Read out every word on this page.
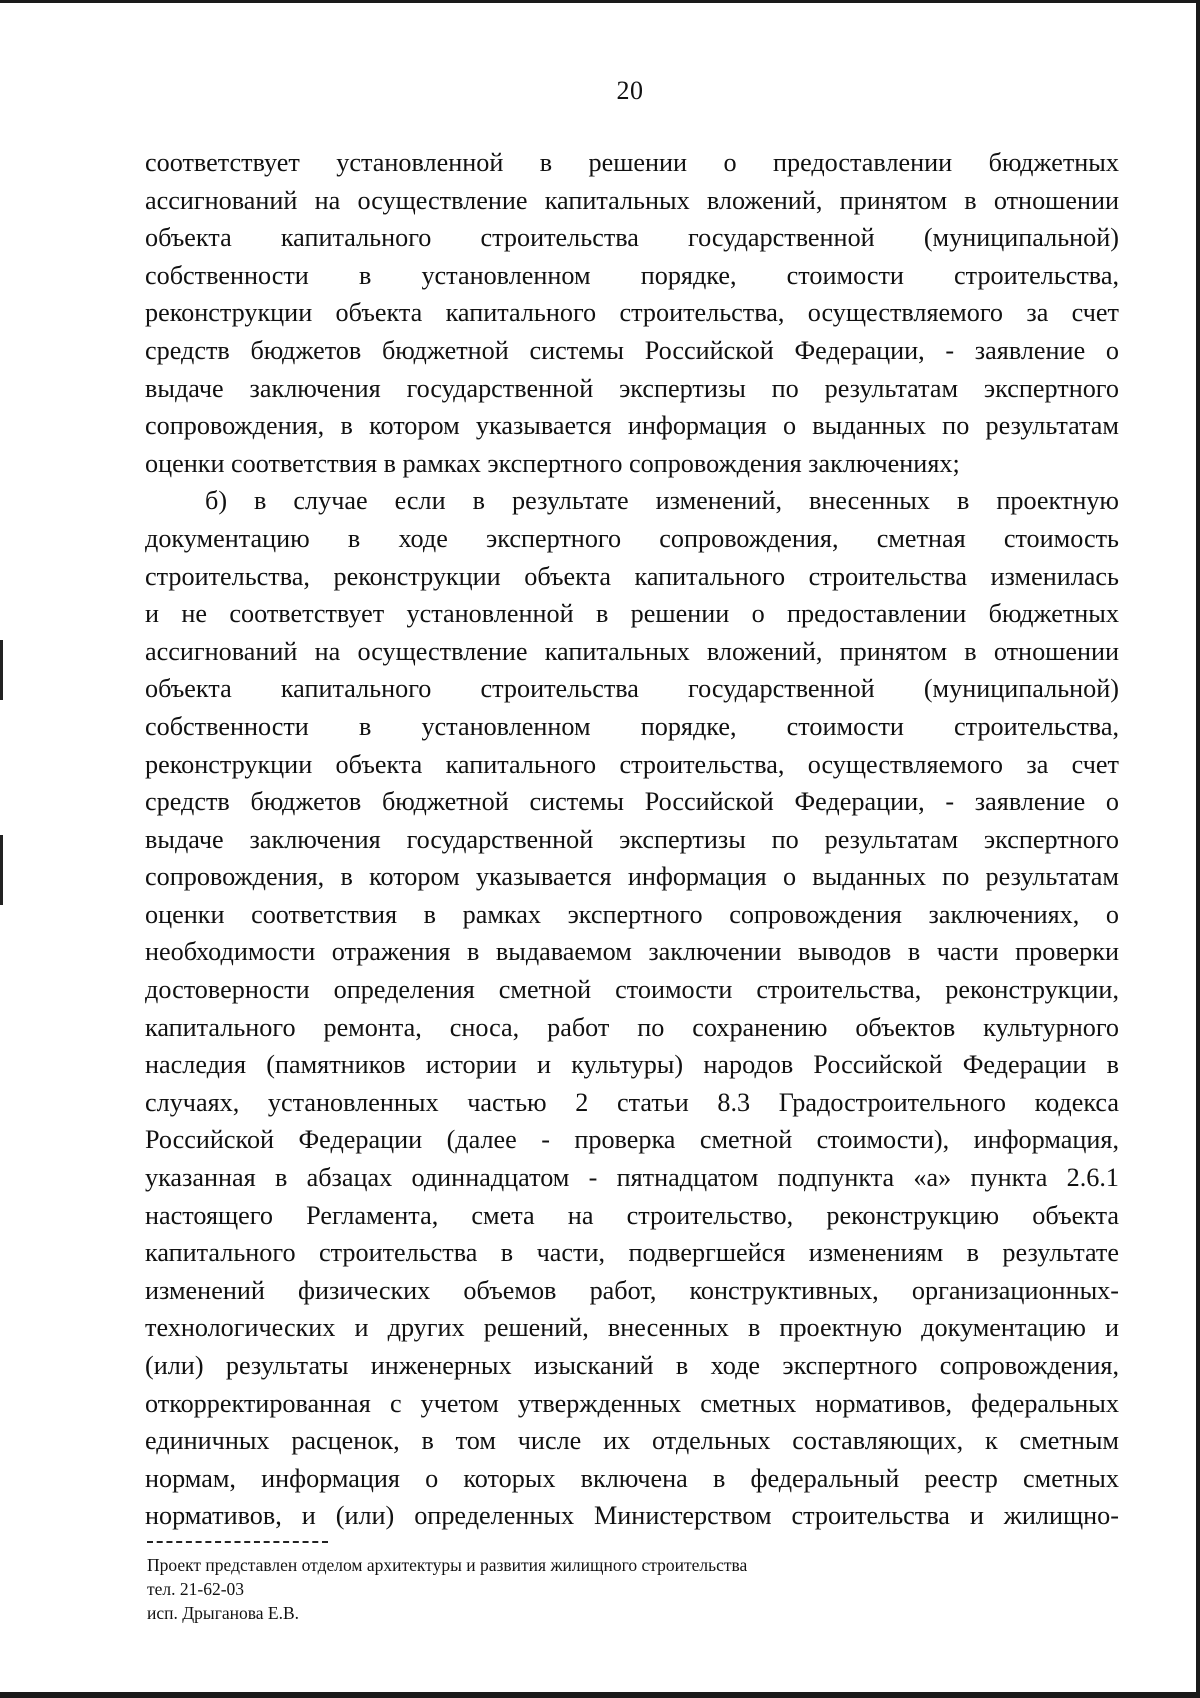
20
соответствует установленной в решении о предоставлении бюджетных
ассигнований на осуществление капитальных вложений, принятом в отношении
объекта капитального строительства государственной (муниципальной)
собственности в установленном порядке, стоимости строительства,
реконструкции объекта капитального строительства, осуществляемого за счет
средств бюджетов бюджетной системы Российской Федерации, - заявление о
выдаче заключения государственной экспертизы по результатам экспертного
сопровождения, в котором указывается информация о выданных по результатам
оценки соответствия в рамках экспертного сопровождения заключениях;
б) в случае если в результате изменений, внесенных в проектную
документацию в ходе экспертного сопровождения, сметная стоимость
строительства, реконструкции объекта капитального строительства изменилась
и не соответствует установленной в решении о предоставлении бюджетных
ассигнований на осуществление капитальных вложений, принятом в отношении
объекта капитального строительства государственной (муниципальной)
собственности в установленном порядке, стоимости строительства,
реконструкции объекта капитального строительства, осуществляемого за счет
средств бюджетов бюджетной системы Российской Федерации, - заявление о
выдаче заключения государственной экспертизы по результатам экспертного
сопровождения, в котором указывается информация о выданных по результатам
оценки соответствия в рамках экспертного сопровождения заключениях, о
необходимости отражения в выдаваемом заключении выводов в части проверки
достоверности определения сметной стоимости строительства, реконструкции,
капитального ремонта, сноса, работ по сохранению объектов культурного
наследия (памятников истории и культуры) народов Российской Федерации в
случаях, установленных частью 2 статьи 8.3 Градостроительного кодекса
Российской Федерации (далее - проверка сметной стоимости), информация,
указанная в абзацах одиннадцатом - пятнадцатом подпункта «а» пункта 2.6.1
настоящего Регламента, смета на строительство, реконструкцию объекта
капитального строительства в части, подвергшейся изменениям в результате
изменений физических объемов работ, конструктивных, организационных-
технологических и других решений, внесенных в проектную документацию и
(или) результаты инженерных изысканий в ходе экспертного сопровождения,
откорректированная с учетом утвержденных сметных нормативов, федеральных
единичных расценок, в том числе их отдельных составляющих, к сметным
нормам, информация о которых включена в федеральный реестр сметных
нормативов, и (или) определенных Министерством строительства и жилищно-
Проект представлен отделом архитектуры и развития жилищного строительства
тел. 21-62-03
исп. Дрыганова Е.В.
